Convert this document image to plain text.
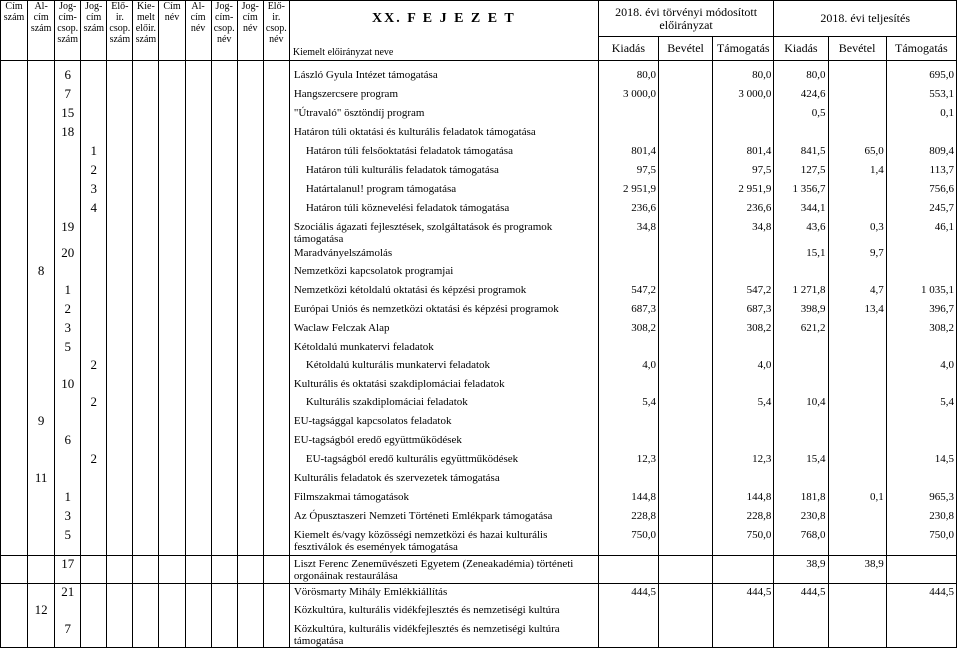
Cím szám	Al- cím szám	Jog- cím- csop. szám	Jog- cím szám	Elő- ir. csop. szám	Kie- melt előir. szám	Cím név	Al- cím név	Jog- cím- csop. név	Jog- cím név	Elő- ir. csop. név	XX. F E J E Z E T	2018. évi törvényi módosított előirányzat			2018. évi teljesítés		
											Kiemelt előirányzat neve	Kiadás	Bevétel	Támogatás	Kiadás	Bevétel	Támogatás

		6									László Gyula Intézet támogatása	80,0		80,0	80,0		695,0
		7									Hangszercsere program	3 000,0		3 000,0	424,6		553,1
		15									"Útravaló" ösztöndíj program				0,5		0,1
		18									Határon túli oktatási és kulturális feladatok támogatása						
			1								Határon túli felsőoktatási feladatok támogatása	801,4		801,4	841,5	65,0	809,4
			2								Határon túli kulturális feladatok támogatása	97,5		97,5	127,5	1,4	113,7
			3								Határtalanul! program támogatása	2 951,9		2 951,9	1 356,7		756,6
			4								Határon túli köznevelési feladatok támogatása	236,6		236,6	344,1		245,7
		19									Szociális ágazati fejlesztések, szolgáltatások és programok támogatása	34,8		34,8	43,6	0,3	46,1
		20									Maradványelszámolás				15,1	9,7	
	8										Nemzetközi kapcsolatok programjai						
		1									Nemzetközi kétoldalú oktatási és képzési programok	547,2		547,2	1 271,8	4,7	1 035,1
		2									Európai Uniós és nemzetközi oktatási és képzési programok	687,3		687,3	398,9	13,4	396,7
		3									Waclaw Felczak Alap	308,2		308,2	621,2		308,2
		5									Kétoldalú munkatervi feladatok						
			2								Kétoldalú kulturális munkatervi feladatok	4,0		4,0			4,0
		10									Kulturális és oktatási szakdiplomáciai feladatok						
			2								Kulturális szakdiplomáciai feladatok	5,4		5,4	10,4		5,4
	9										EU-tagsággal kapcsolatos feladatok						
		6									EU-tagságból eredő együttműködések						
			2								EU-tagságból eredő kulturális együttműködések	12,3		12,3	15,4		14,5
	11										Kulturális feladatok és szervezetek támogatása						
		1									Filmszakmai támogatások	144,8		144,8	181,8	0,1	965,3
		3									Az Ópusztaszeri Nemzeti Történeti Emlékpark támogatása	228,8		228,8	230,8		230,8
		5									Kiemelt és/vagy közösségi nemzetközi és hazai kulturális fesztiválok és események támogatása	750,0		750,0	768,0		750,0
		17									Liszt Ferenc Zeneművészeti Egyetem (Zeneakadémia) történeti orgonáinak restaurálása				38,9	38,9	
		21									Vörösmarty Mihály Emlékkiállítás	444,5		444,5	444,5		444,5
	12										Közkultúra, kulturális vidékfejlesztés és nemzetiségi kultúra						
		7									Közkultúra, kulturális vidékfejlesztés és nemzetiségi kultúra támogatása						
